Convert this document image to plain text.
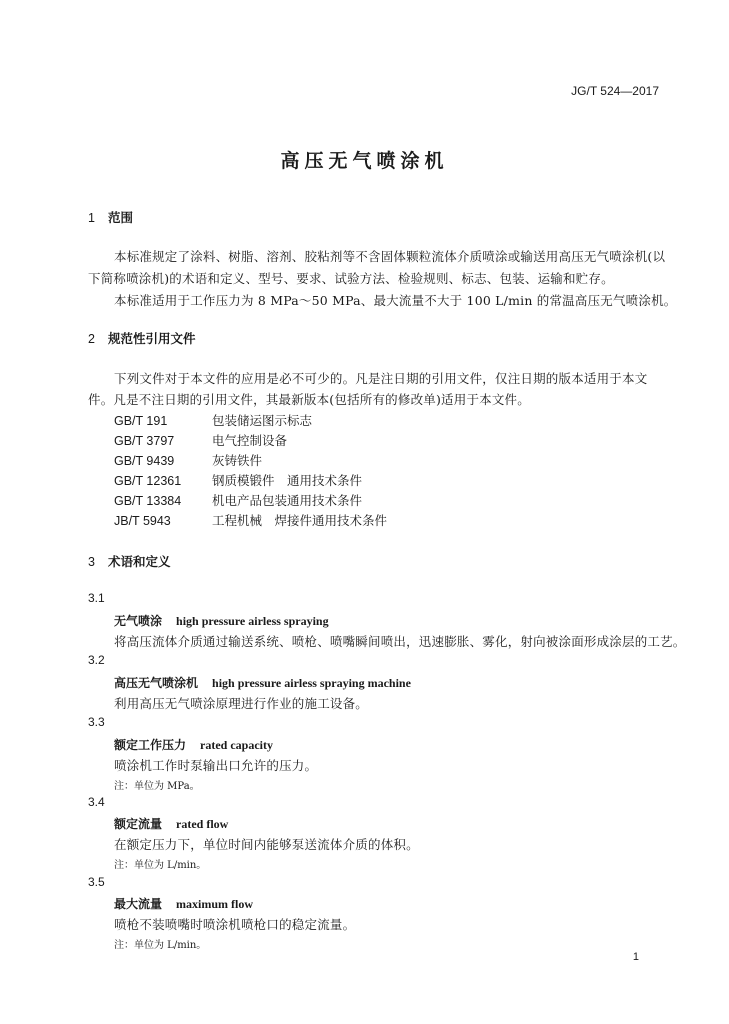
JG/T 524—2017
高压无气喷涂机
1 范围
本标准规定了涂料、树脂、溶剂、胶粘剂等不含固体颗粒流体介质喷涂或输送用高压无气喷涂机(以
下简称喷涂机)的术语和定义、型号、要求、试验方法、检验规则、标志、包装、运输和贮存。
本标准适用于工作压力为 8 MPa～50 MPa、最大流量不大于 100 L/min 的常温高压无气喷涂机。
2 规范性引用文件
下列文件对于本文件的应用是必不可少的。凡是注日期的引用文件，仅注日期的版本适用于本文
件。凡是不注日期的引用文件，其最新版本(包括所有的修改单)适用于本文件。
GB/T 191	包装储运图示标志
GB/T 3797	电气控制设备
GB/T 9439	灰铸铁件
GB/T 12361 钢质模锻件　通用技术条件
GB/T 13384 机电产品包装通用技术条件
JB/T 5943	工程机械　焊接件通用技术条件
3 术语和定义
3.1
无气喷涂 high pressure airless spraying
将高压流体介质通过输送系统、喷枪、喷嘴瞬间喷出，迅速膨胀、雾化，射向被涂面形成涂层的工艺。
3.2
高压无气喷涂机 high pressure airless spraying machine
利用高压无气喷涂原理进行作业的施工设备。
3.3
额定工作压力 rated capacity
喷涂机工作时泵输出口允许的压力。
注：单位为 MPa。
3.4
额定流量 rated flow
在额定压力下，单位时间内能够泵送流体介质的体积。
注：单位为 L/min。
3.5
最大流量 maximum flow
喷枪不装喷嘴时喷涂机喷枪口的稳定流量。
注：单位为 L/min。
1
